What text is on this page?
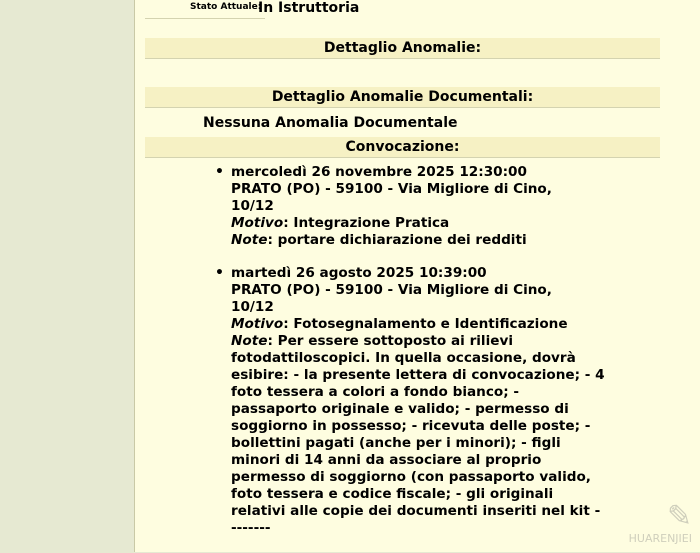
Stato Attuale:
In Istruttoria
Dettaglio Anomalie:
Dettaglio Anomalie Documentali:
Nessuna Anomalia Documentale
Convocazione:
• mercoledì 26 novembre 2025 12:30:00
PRATO (PO) - 59100 - Via Migliore di Cino,
10/12
Motivo: Integrazione Pratica
Note: portare dichiarazione dei redditi
• martedì 26 agosto 2025 10:39:00
PRATO (PO) - 59100 - Via Migliore di Cino,
10/12
Motivo: Fotosegnalamento e Identificazione
Note: Per essere sottoposto ai rilievi
fotodattiloscopici. In quella occasione, dovrà
esibire: - la presente lettera di convocazione; - 4
foto tessera a colori a fondo bianco; -
passaporto originale e valido; - permesso di
soggiorno in possesso; - ricevuta delle poste; -
bollettini pagati (anche per i minori); - figli
minori di 14 anni da associare al proprio
permesso di soggiorno (con passaporto valido,
foto tessera e codice fiscale; - gli originali
relativi alle copie dei documenti inseriti nel kit -
-------	✎
HUARENJIEI
